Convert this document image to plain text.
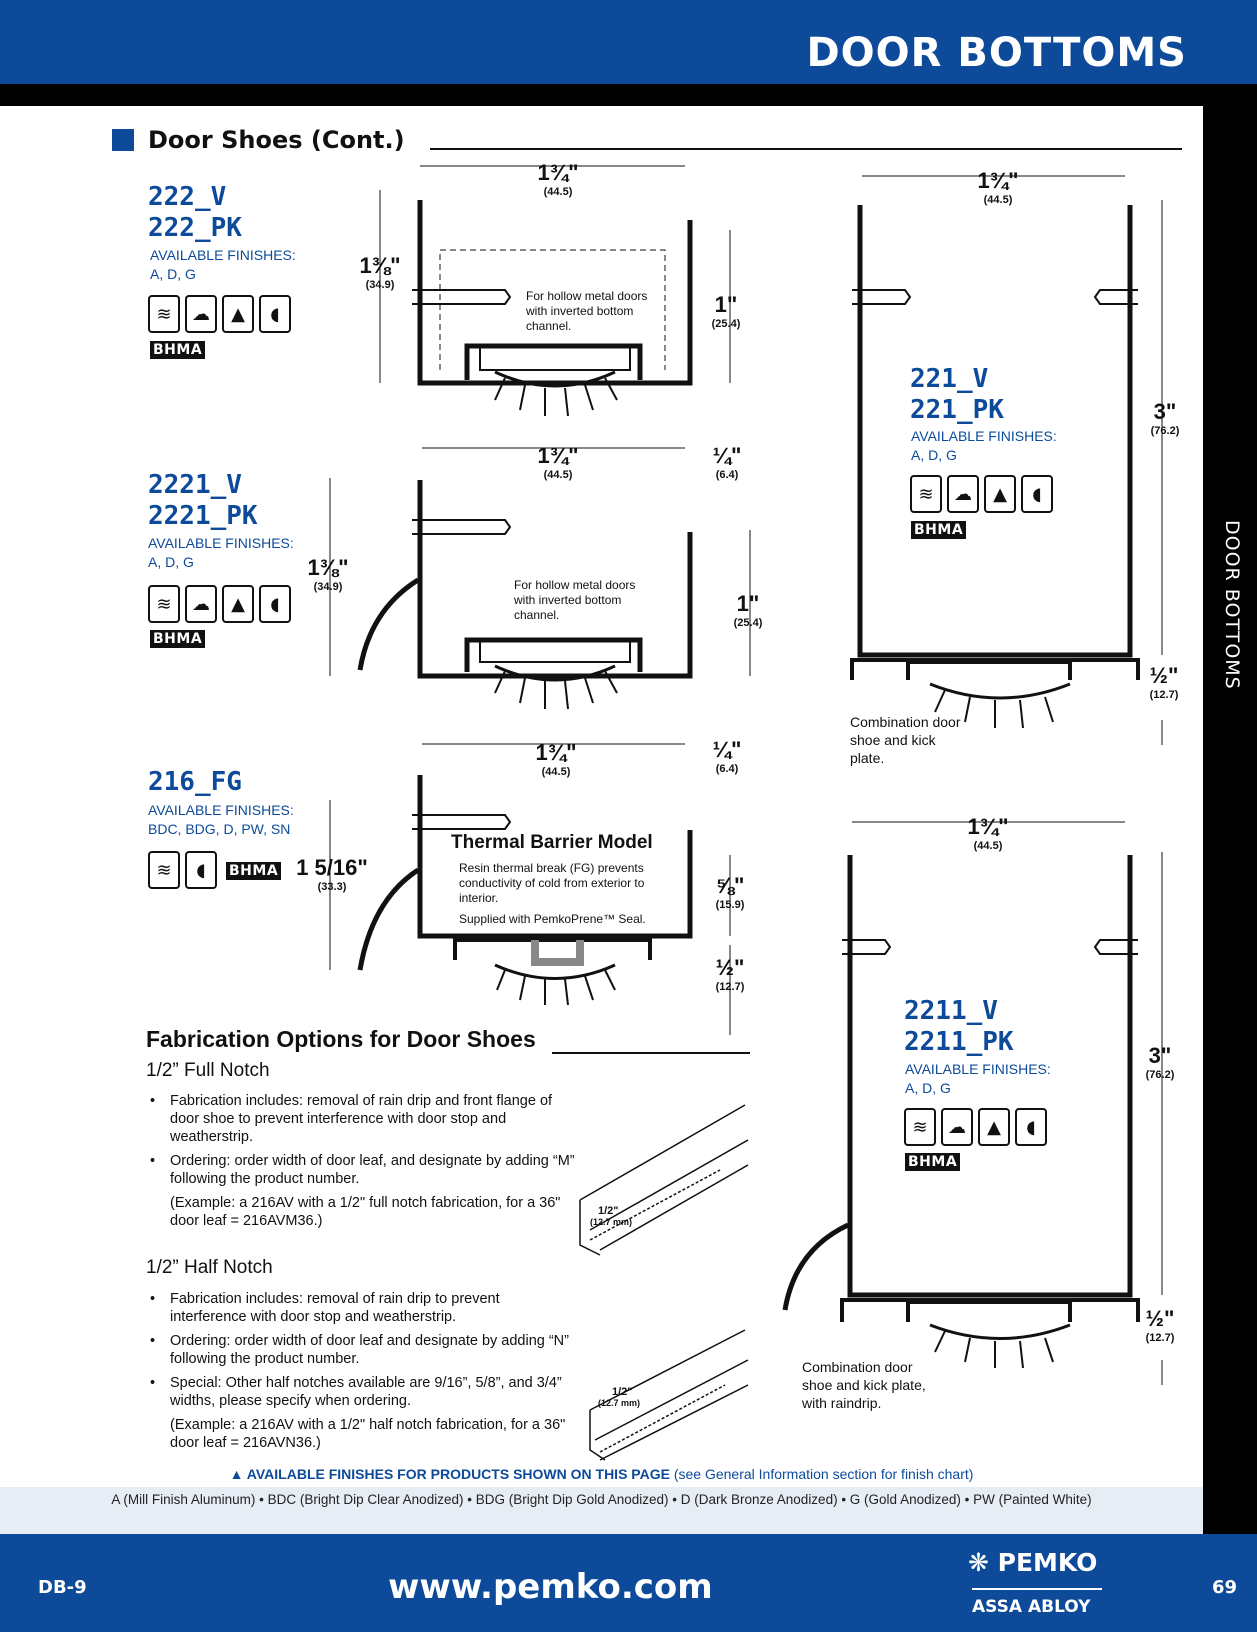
DOOR BOTTOMS
DOOR BOTTOMS
Door Shoes (Cont.)
1/2"
(12.7 mm)
1/2"
(12.7 mm)
222_V
222_PK
AVAILABLE FINISHES:
A, D, G
≋	☁	▲	◖
BHMA
2221_V
2221_PK
AVAILABLE FINISHES:
A, D, G
≋	☁	▲	◖
BHMA
216_FG
AVAILABLE FINISHES:
BDC, BDG, D, PW, SN
≋	◖	BHMA
221_V
221_PK
AVAILABLE FINISHES:
A, D, G
≋	☁	▲	◖
BHMA
2211_V
2211_PK
AVAILABLE FINISHES:
A, D, G
≋	☁	▲	◖
BHMA
1¾"
(44.5)
1⅜"
(34.9)
1"
(25.4)
For hollow metal doors with inverted bottom channel.
1¾"
(44.5)
¼"
(6.4)
1⅜"
(34.9)
1"
(25.4)
For hollow metal doors with inverted bottom channel.
1¾"
(44.5)
¼"
(6.4)
1 5/16"
(33.3)	⅝"
(15.9)
½"
(12.7)
Thermal Barrier Model
Resin thermal break (FG) prevents conductivity of cold from exterior to interior.
Supplied with PemkoPrene™ Seal.
1¾"
(44.5)
3"
(76.2)
½"
(12.7)
Combination door shoe and kick plate.
1¾"
(44.5)
3"
(76.2)
½"
(12.7)
Combination door shoe and kick plate, with raindrip.
Fabrication Options for Door Shoes
1/2” Full Notch
• Fabrication includes: removal of rain drip and front flange of door shoe to prevent interference with door stop and weatherstrip.
• Ordering: order width of door leaf, and designate by adding “M” following the product number.
(Example: a 216AV with a 1/2" full notch fabrication, for a 36" door leaf = 216AVM36.)
1/2” Half Notch
• Fabrication includes: removal of rain drip to prevent interference with door stop and weatherstrip.
• Ordering: order width of door leaf and designate by adding “N” following the product number.
• Special: Other half notches available are 9/16”, 5/8”, and 3/4” widths, please specify when ordering.
(Example: a 216AV with a 1/2" half notch fabrication, for a 36" door leaf = 216AVN36.)
▲ AVAILABLE FINISHES FOR PRODUCTS SHOWN ON THIS PAGE (see General Information section for finish chart)
A (Mill Finish Aluminum) • BDC (Bright Dip Clear Anodized) • BDG (Bright Dip Gold Anodized) • D (Dark Bronze Anodized) • G (Gold Anodized) • PW (Painted White)
DB-9	www.pemko.com
❋ PEMKO
ASSA ABLOY
69
